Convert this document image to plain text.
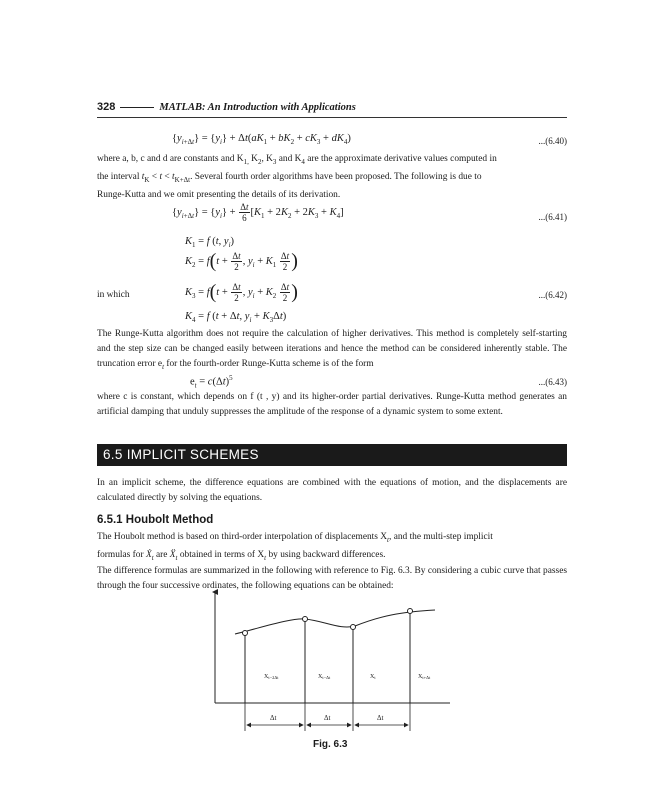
328	MATLAB: An Introduction with Applications
$\{y_{i+\Delta t}\} = \{y_i\} + \Delta t(aK_1 + bK_2 + cK_3 + dK_4)$	...(6.40)
where a, b, c and d are constants and $K_{1,}$ $K_2$, $K_3$ and $K_4$ are the approximate derivative values computed in
the interval $t_K < t < t_{K+\Delta t}$. Several fourth order algorithms have been proposed. The following is due to
Runge-Kutta and we omit presenting the details of its derivation.
$\{y_{i+\Delta t}\} = \{y_i\} + \frac{\Delta t}{6} [K_1 + 2K_2 + 2K_3 + K_4]$	...(6.41)
$K_1 = f$ (t, $y_i$)
$K_2 = f(t + \frac{\Delta t}{2}$ , $y_i + K_1 \frac{\Delta t}{2}$ )
in which	$K_3 = f(t + \frac{\Delta t}{2}$ , $y_i + K_2 \frac{\Delta t}{2}$ )	...(6.42)
$K_4 = f$ (t + Δt, $y_i + K_3\Delta t$)
The Runge-Kutta algorithm does not require the calculation of higher derivatives. This method is completely self-starting and the step size can be changed easily between iterations and hence the method can be considered inherently stable. The truncation error $e_t$ for the fourth-order Runge-Kutta scheme is of the form
$e_t = c(\Delta t)^5$	...(6.43)
where c is constant, which depends on f (t , y) and its higher-order partial derivatives. Runge-Kutta method generates an artificial damping that unduly suppresses the amplitude of the response of a dynamic system to some extent.
6.5 IMPLICIT SCHEMES
In an implicit scheme, the difference equations are combined with the equations of motion, and the displacements are calculated directly by solving the equations.
6.5.1 Houbolt Method
The Houbolt method is based on third-order interpolation of displacements $X_t$, and the multi-step implicit
formulas for Ẋ$_t$ are Ẍ$_t$ obtained in terms of $X_t$ by using backward differences.
The difference formulas are summarized in the following with reference to Fig. 6.3. By considering a cubic curve that passes through the four successive ordinates, the following equations can be obtained:
Xt−2Δt	Xt−Δt	Xt	Xt+Δt
Δt	Δt	Δt
Fig. 6.3
